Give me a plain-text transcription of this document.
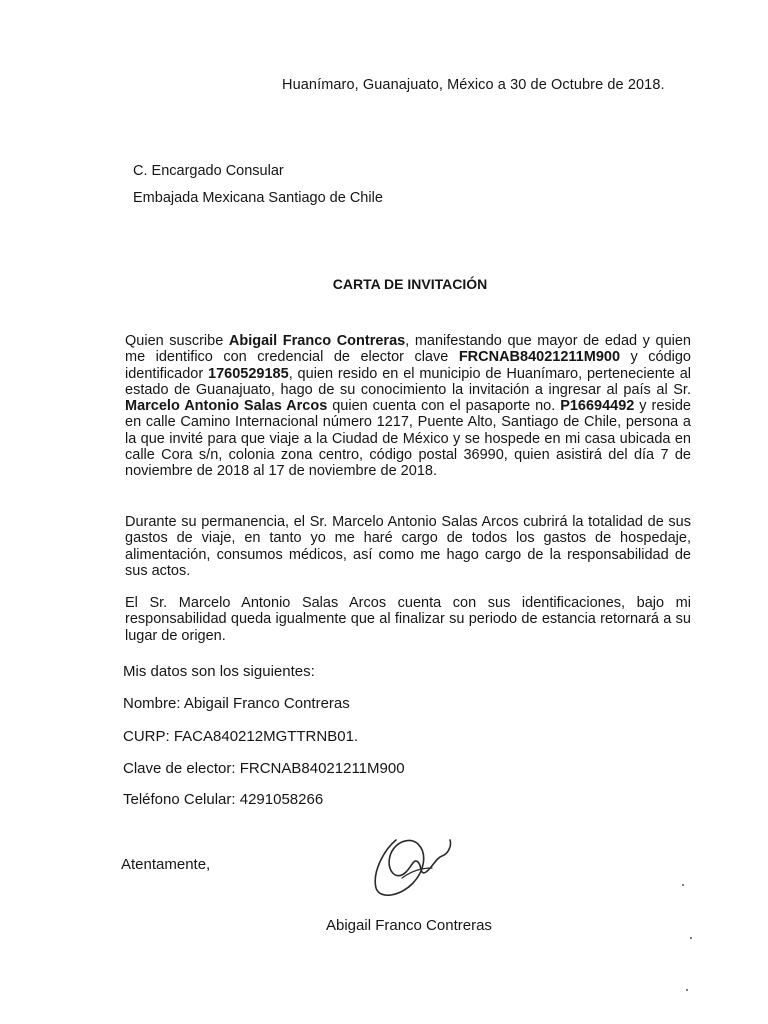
Huanímaro, Guanajuato, México a 30 de Octubre de 2018.
C. Encargado Consular
Embajada Mexicana Santiago de Chile
CARTA DE INVITACIÓN

Quien suscribe Abigail Franco Contreras, manifestando que mayor de edad y quien me identifico con credencial de elector clave FRCNAB84021211M900 y código identificador 1760529185, quien resido en el municipio de Huanímaro, perteneciente al estado de Guanajuato, hago de su conocimiento la invitación a ingresar al país al Sr. Marcelo Antonio Salas Arcos quien cuenta con el pasaporte no. P16694492 y reside en calle Camino Internacional número 1217, Puente Alto, Santiago de Chile, persona a la que invité para que viaje a la Ciudad de México y se hospede en mi casa ubicada en calle Cora s/n, colonia zona centro, código postal 36990, quien asistirá del día 7 de noviembre de 2018 al 17 de noviembre de 2018.

Durante su permanencia, el Sr. Marcelo Antonio Salas Arcos cubrirá la totalidad de sus gastos de viaje, en tanto yo me haré cargo de todos los gastos de hospedaje, alimentación, consumos médicos, así como me hago cargo de la responsabilidad de sus actos.

El Sr. Marcelo Antonio Salas Arcos cuenta con sus identificaciones, bajo mi responsabilidad queda igualmente que al finalizar su periodo de estancia retornará a su lugar de origen.

Mis datos son los siguientes:
Nombre: Abigail Franco Contreras
CURP: FACA840212MGTTRNB01.
Clave de elector: FRCNAB84021211M900
Teléfono Celular: 4291058266
Atentamente,
Abigail Franco Contreras
